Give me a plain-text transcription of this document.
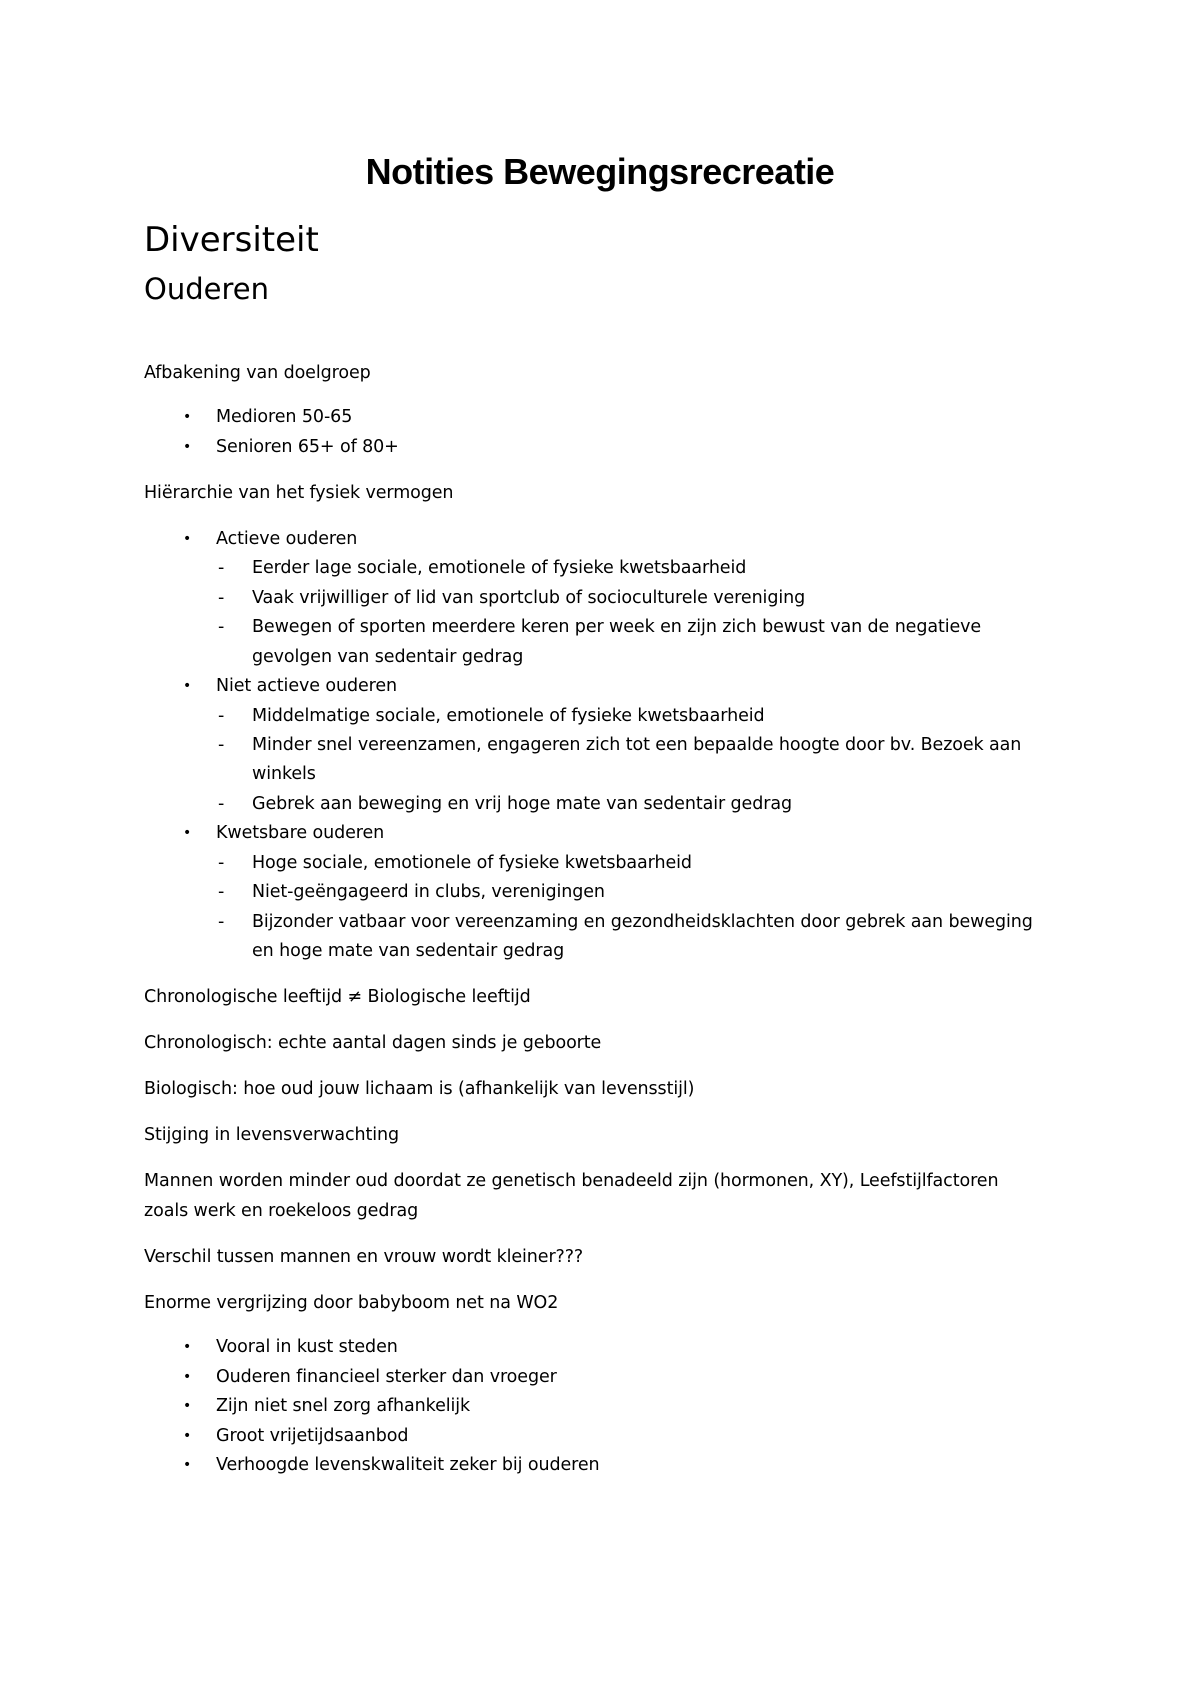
Notities Bewegingsrecreatie
Diversiteit
Ouderen
Afbakening van doelgroep
• Medioren 50-65
• Senioren 65+ of 80+
Hiërarchie van het fysiek vermogen
• Actieve ouderen
- Eerder lage sociale, emotionele of fysieke kwetsbaarheid
- Vaak vrijwilliger of lid van sportclub of socioculturele vereniging
- Bewegen of sporten meerdere keren per week en zijn zich bewust van de negatieve
gevolgen van sedentair gedrag
• Niet actieve ouderen
- Middelmatige sociale, emotionele of fysieke kwetsbaarheid
- Minder snel vereenzamen, engageren zich tot een bepaalde hoogte door bv. Bezoek aan
winkels
- Gebrek aan beweging en vrij hoge mate van sedentair gedrag
• Kwetsbare ouderen
- Hoge sociale, emotionele of fysieke kwetsbaarheid
- Niet-geëngageerd in clubs, verenigingen
- Bijzonder vatbaar voor vereenzaming en gezondheidsklachten door gebrek aan beweging
en hoge mate van sedentair gedrag
Chronologische leeftijd ≠ Biologische leeftijd
Chronologisch: echte aantal dagen sinds je geboorte
Biologisch: hoe oud jouw lichaam is (afhankelijk van levensstijl)
Stijging in levensverwachting
Mannen worden minder oud doordat ze genetisch benadeeld zijn (hormonen, XY), Leefstijlfactoren
zoals werk en roekeloos gedrag
Verschil tussen mannen en vrouw wordt kleiner???
Enorme vergrijzing door babyboom net na WO2
• Vooral in kust steden
• Ouderen financieel sterker dan vroeger
• Zijn niet snel zorg afhankelijk
• Groot vrijetijdsaanbod
• Verhoogde levenskwaliteit zeker bij ouderen
